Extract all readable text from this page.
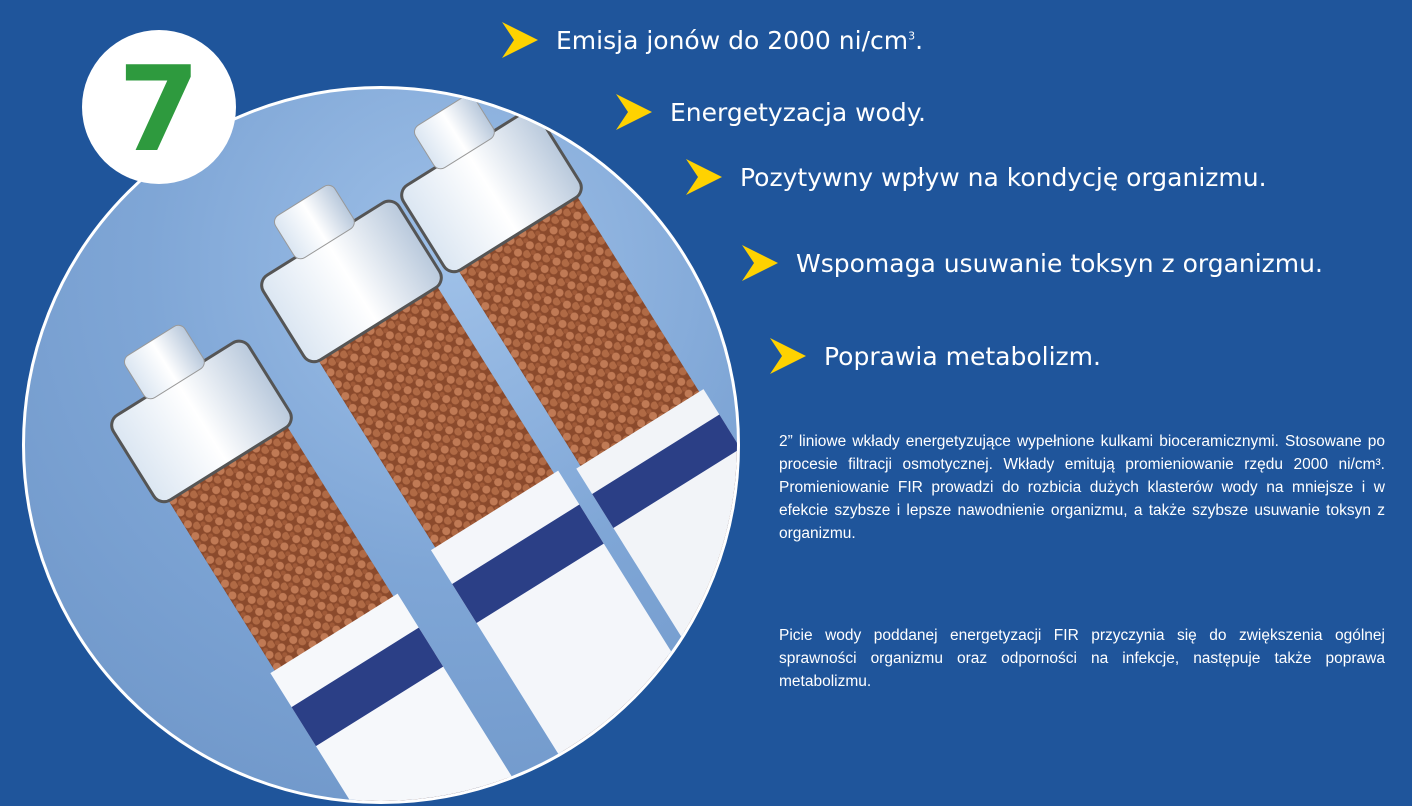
7	Emisja jonów do 2000 $ni/cm^3$.
Energetyzacja wody.
Pozytywny wpływ na kondycję organizmu.
Wspomaga usuwanie toksyn z organizmu.
Poprawia metabolizm.

2” liniowe wkłady energetyzujące wypełnione kulkami bioceramicznymi. Stosowane po procesie filtracji osmotycznej. Wkłady emitują promieniowanie rzędu 2000 ni/cm³. Promieniowanie FIR prowadzi do rozbicia dużych klasterów wody na mniejsze i w efekcie szybsze i lepsze nawodnienie organizmu, a także szybsze usuwanie toksyn z organizmu.

Picie wody poddanej energetyzacji FIR przyczynia się do zwiększenia ogólnej sprawności organizmu oraz odporności na infekcje, następuje także poprawa metabolizmu.
